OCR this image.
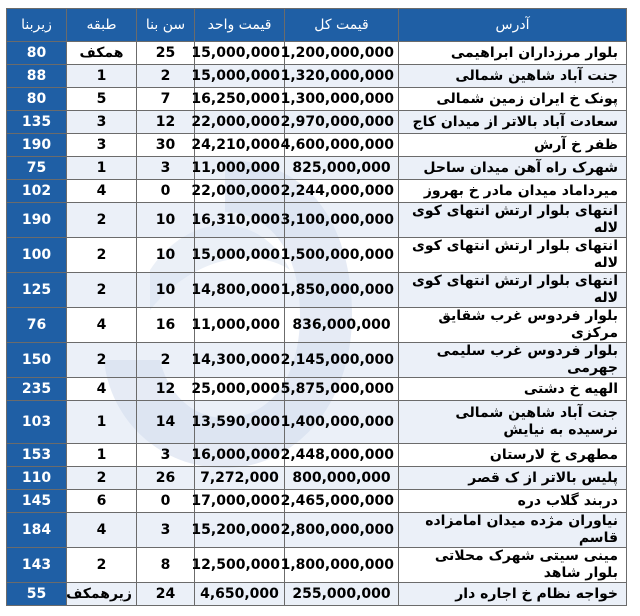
آدرس	قیمت کل	قیمت واحد	سن بنا	طبقه	زیربنا
بلوار مرزداران ابراهیمی	1,200,000,000	15,000,000	25	همکف	80
جنت آباد شاهین شمالی	1,320,000,000	15,000,000	2	1	88
پونک خ ایران زمین شمالی	1,300,000,000	16,250,000	7	5	80
سعادت آباد بالاتر از میدان کاج	2,970,000,000	22,000,000	12	3	135
ظفر خ آرش	4,600,000,000	24,210,000	30	3	190
شهرک راه آهن میدان ساحل	825,000,000	11,000,000	3	1	75
میرداماد میدان مادر خ بهروز	2,244,000,000	22,000,000	0	4	102
انتهای بلوار ارتش انتهای کوی لاله	3,100,000,000	16,310,000	10	2	190
انتهای بلوار ارتش انتهای کوی لاله	1,500,000,000	15,000,000	10	2	100
انتهای بلوار ارتش انتهای کوی لاله	1,850,000,000	14,800,000	10	2	125
بلوار فردوس غرب شقایق مرکزی	836,000,000	11,000,000	16	4	76
بلوار فردوس غرب سلیمی جهرمی	2,145,000,000	14,300,000	2	2	150
الهیه خ دشتی	5,875,000,000	25,000,000	12	4	235
جنت آباد شاهین شمالی نرسیده به نیایش	1,400,000,000	13,590,000	14	1	103
مطهری خ لارستان	2,448,000,000	16,000,000	3	1	153
پلیس بالاتر از ک قصر	800,000,000	7,272,000	26	2	110
دربند گلاب دره	2,465,000,000	17,000,000	0	6	145
نیاوران مژده میدان امامزاده قاسم	2,800,000,000	15,200,000	3	4	184
مینی سیتی شهرک محلاتی بلوار شاهد	1,800,000,000	12,500,000	8	2	143
خواجه نظام خ اجاره دار	255,000,000	4,650,000	24	زیرهمکف	55
